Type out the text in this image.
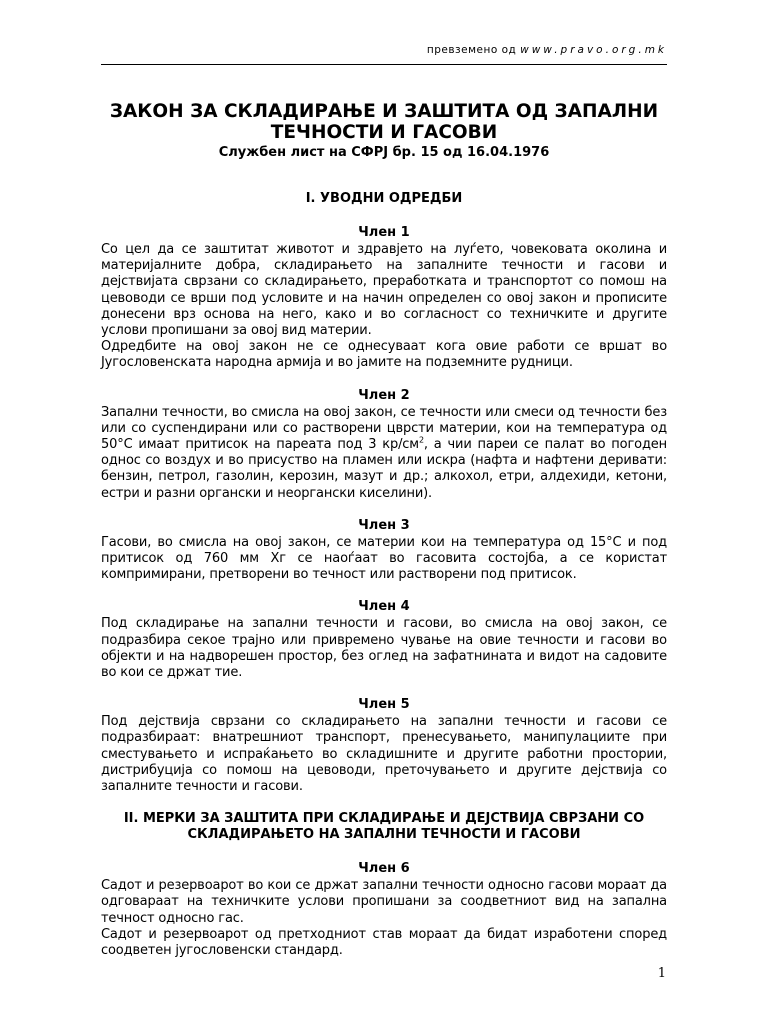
превземено од www.pravo.org.mk
ЗАКОН ЗА СКЛАДИРАЊЕ И ЗАШТИТА ОД ЗАПАЛНИ
ТЕЧНОСТИ И ГАСОВИ
Службен лист на СФРЈ бр. 15 од 16.04.1976
I. УВОДНИ ОДРЕДБИ
Член 1

Со цел да се заштитат животот и здравјето на луѓето, човековата околина и материјалните добра, складирањето на запалните течности и гасови и дејствијата сврзани со складирањето, преработката и транспортот со помош на цевоводи се врши под условите и на начин определен со овој закон и прописите донесени врз основа на него, како и во согласност со техничките и другите услови пропишани за овој вид материи.

Одредбите на овој закон не се однесуваат кога овие работи се вршат во Југословенската народна армија и во јамите на подземните рудници.

Член 2

Запални течности, во смисла на овој закон, се течности или смеси од течности без или со суспендирани или со растворени цврсти материи, кои на температура од 50°C имаат притисок на пареата под 3 $кр/см^2$, а чии пареи се палат во погоден однос со воздух и во присуство на пламен или искра (нафта и нафтени деривати: бензин, петрол, газолин, керозин, мазут и др.; алкохол, етри, алдехиди, кетони, естри и разни органски и неоргански киселини).

Член 3

Гасови, во смисла на овој закон, се материи кои на температура од 15°C и под притисок од 760 мм Хг се наоѓаат во гасовита состојба, а се користат компримирани, претворени во течност или растворени под притисок.

Член 4

Под складирање на запални течности и гасови, во смисла на овој закон, се подразбира секое трајно или привремено чување на овие течности и гасови во објекти и на надворешен простор, без оглед на зафатнината и видот на садовите во кои се држат тие.

Член 5

Под дејствија сврзани со складирањето на запални течности и гасови се подразбираат: внатрешниот транспорт, пренесувањето, манипулациите при сместувањето и испраќањето во складишните и другите работни простории, дистрибуција со помош на цевоводи, преточувањето и другите дејствија со запалните течности и гасови.

II. МЕРКИ ЗА ЗАШТИТА ПРИ СКЛАДИРАЊЕ И ДЕЈСТВИЈА СВРЗАНИ СО
СКЛАДИРАЊЕТО НА ЗАПАЛНИ ТЕЧНОСТИ И ГАСОВИ
Член 6

Садот и резервоарот во кои се држат запални течности односно гасови мораат да одговараат на техничките услови пропишани за соодветниот вид на запална течност односно гас.

Садот и резервоарот од претходниот став мораат да бидат изработени според соодветен југословенски стандард.

1
